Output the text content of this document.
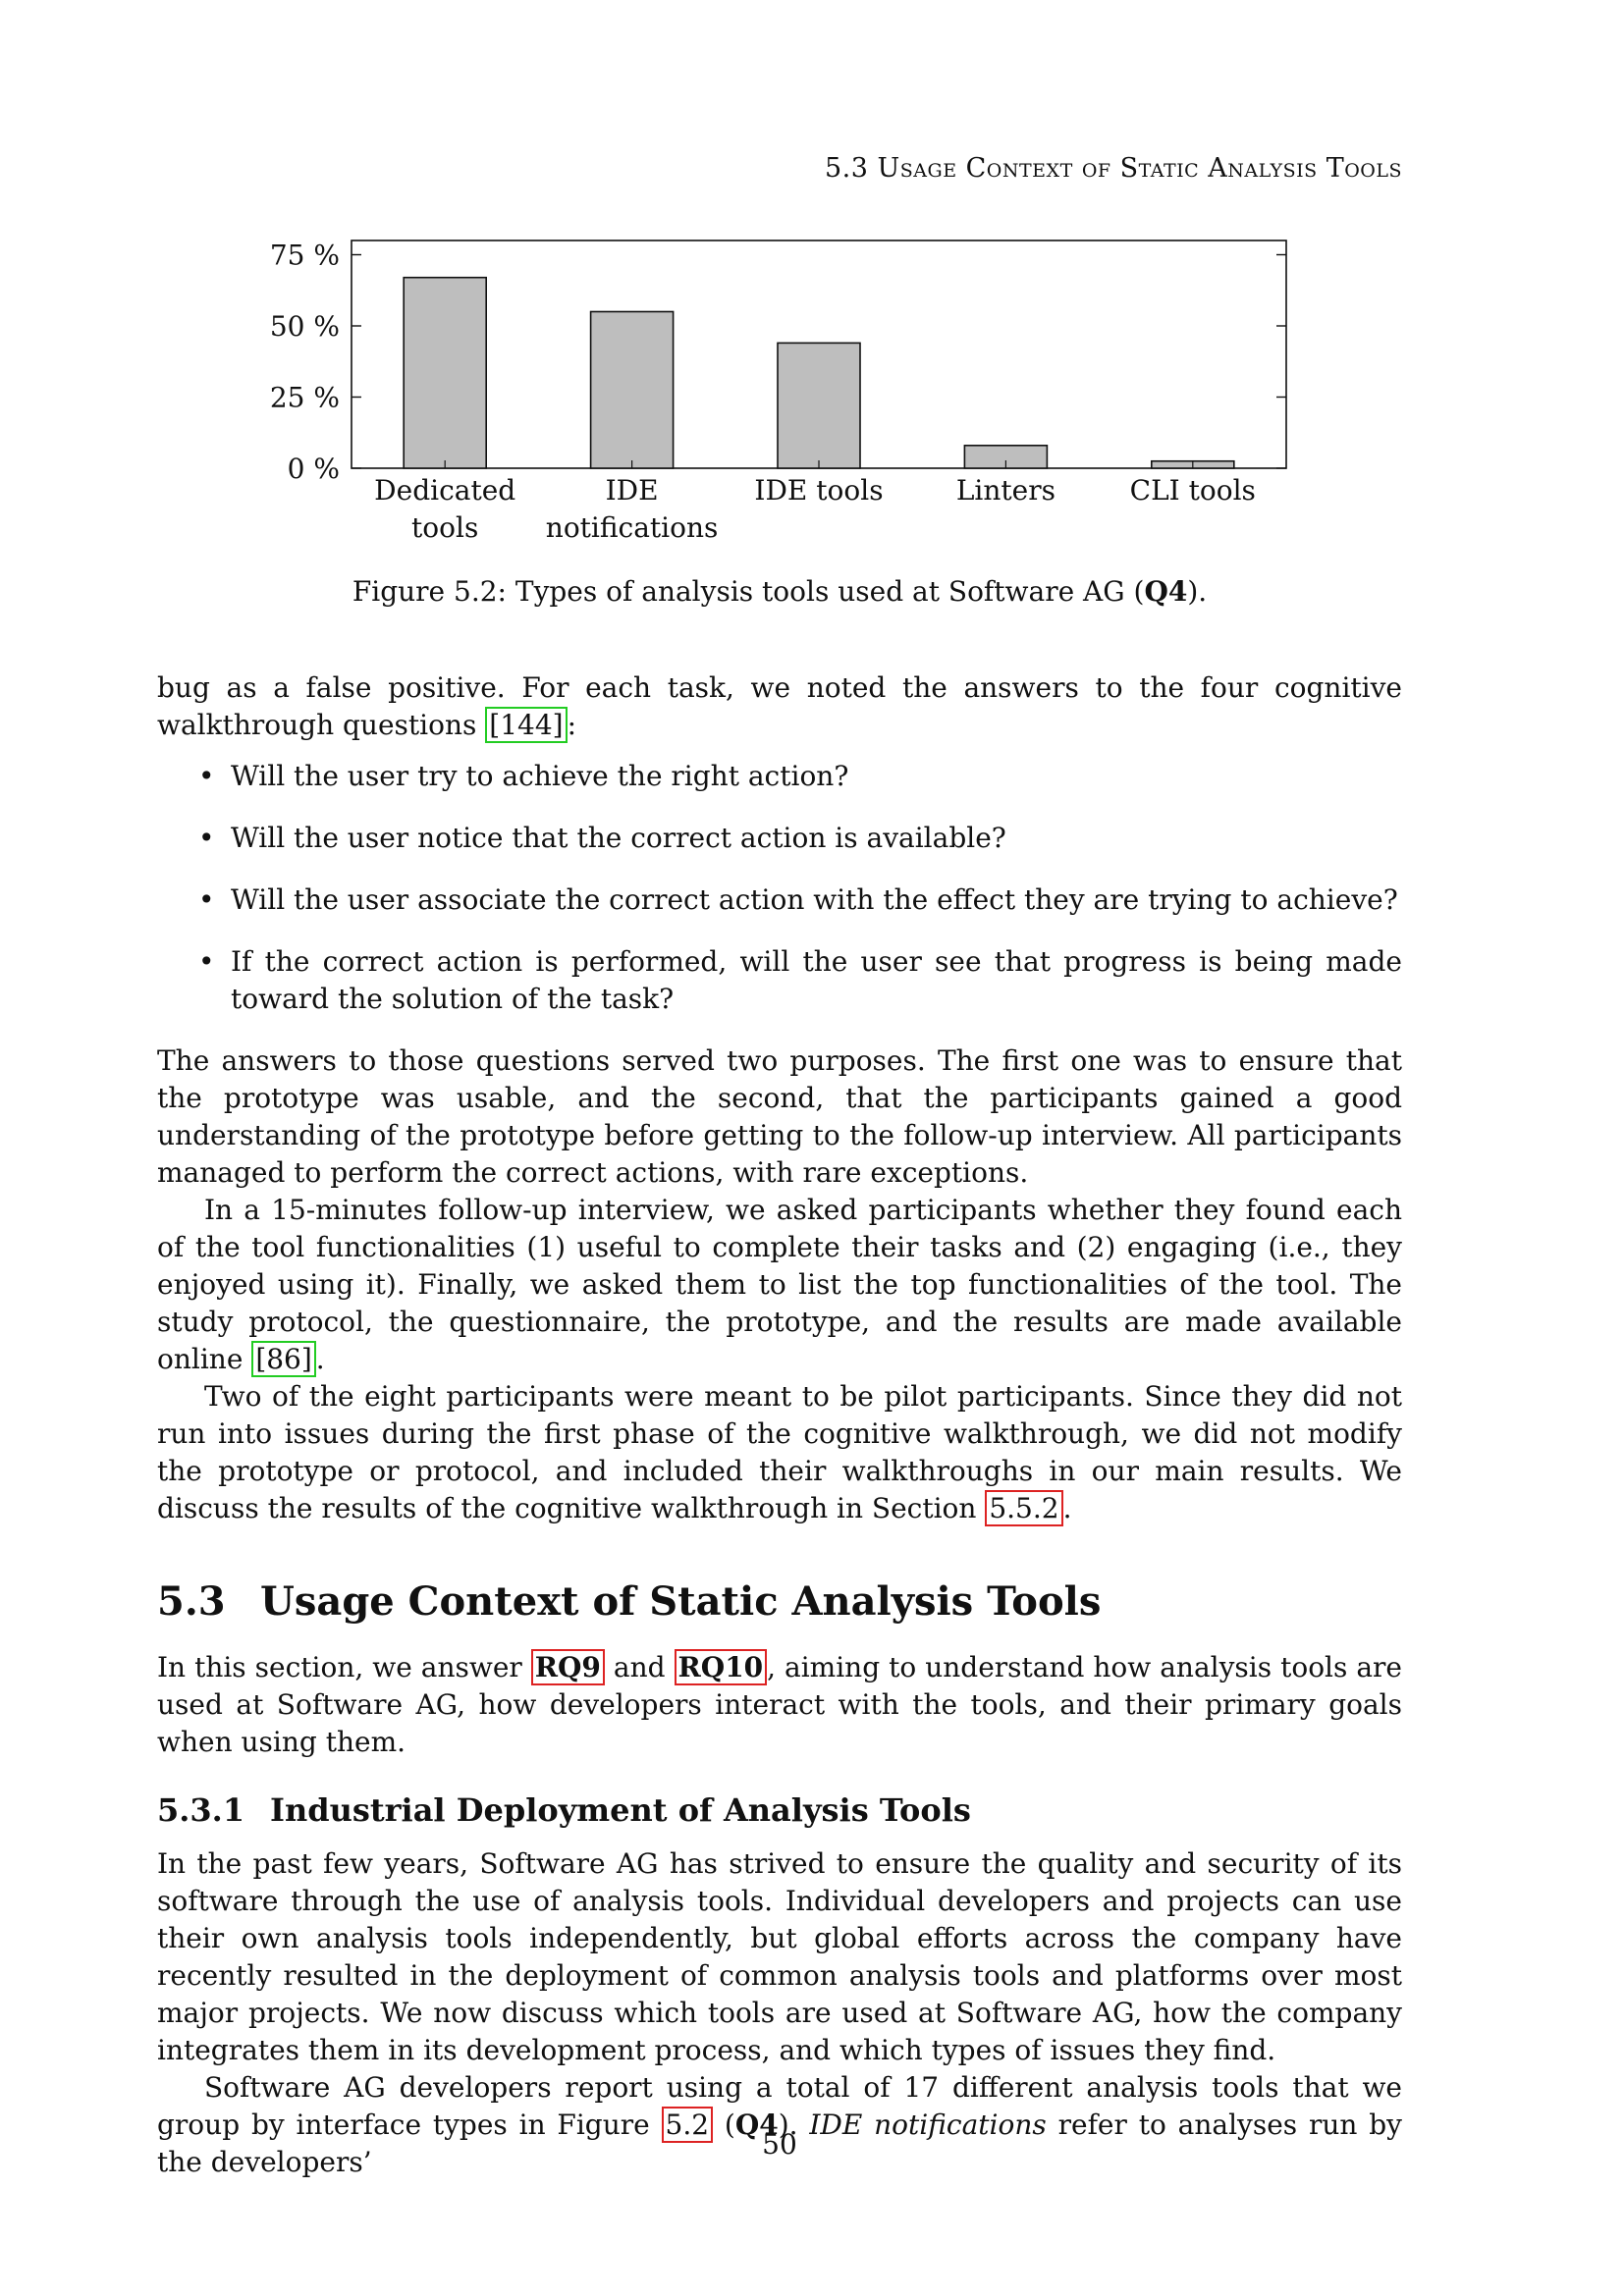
5.3 Usage Context of Static Analysis Tools
0 %
25 %
50 %
75 %
Dedicated tools
IDE notifications
IDE tools	Linters	CLI tools
Figure 5.2: Types of analysis tools used at Software AG (Q4).

bug as a false positive. For each task, we noted the answers to the four cognitive walkthrough questions [144] :

• Will the user try to achieve the right action?
• Will the user notice that the correct action is available?
• Will the user associate the correct action with the effect they are trying to achieve?
• If the correct action is performed, will the user see that progress is being made toward the solution of the task?

The answers to those questions served two purposes. The first one was to ensure that the prototype was usable, and the second, that the participants gained a good understanding of the prototype before getting to the follow-up interview. All participants managed to perform the correct actions, with rare exceptions.

In a 15-minutes follow-up interview, we asked participants whether they found each of the tool functionalities (1) useful to complete their tasks and (2) engaging (i.e., they enjoyed using it). Finally, we asked them to list the top functionalities of the tool. The study protocol, the questionnaire, the prototype, and the results are made available online [86] .

Two of the eight participants were meant to be pilot participants. Since they did not run into issues during the first phase of the cognitive walkthrough, we did not modify the prototype or protocol, and included their walkthroughs in our main results. We discuss the results of the cognitive walkthrough in Section 5.5.2 .

5.3 Usage Context of Static Analysis Tools

In this section, we answer RQ9 and RQ10 , aiming to understand how analysis tools are used at Software AG, how developers interact with the tools, and their primary goals when using them.

5.3.1 Industrial Deployment of Analysis Tools

In the past few years, Software AG has strived to ensure the quality and security of its software through the use of analysis tools. Individual developers and projects can use their own analysis tools independently, but global efforts across the company have recently resulted in the deployment of common analysis tools and platforms over most major projects. We now discuss which tools are used at Software AG, how the company integrates them in its development process, and which types of issues they find.

Software AG developers report using a total of 17 different analysis tools that we group by interface types in Figure 5.2 (Q4). IDE notifications refer to analyses run by the developers’

50
